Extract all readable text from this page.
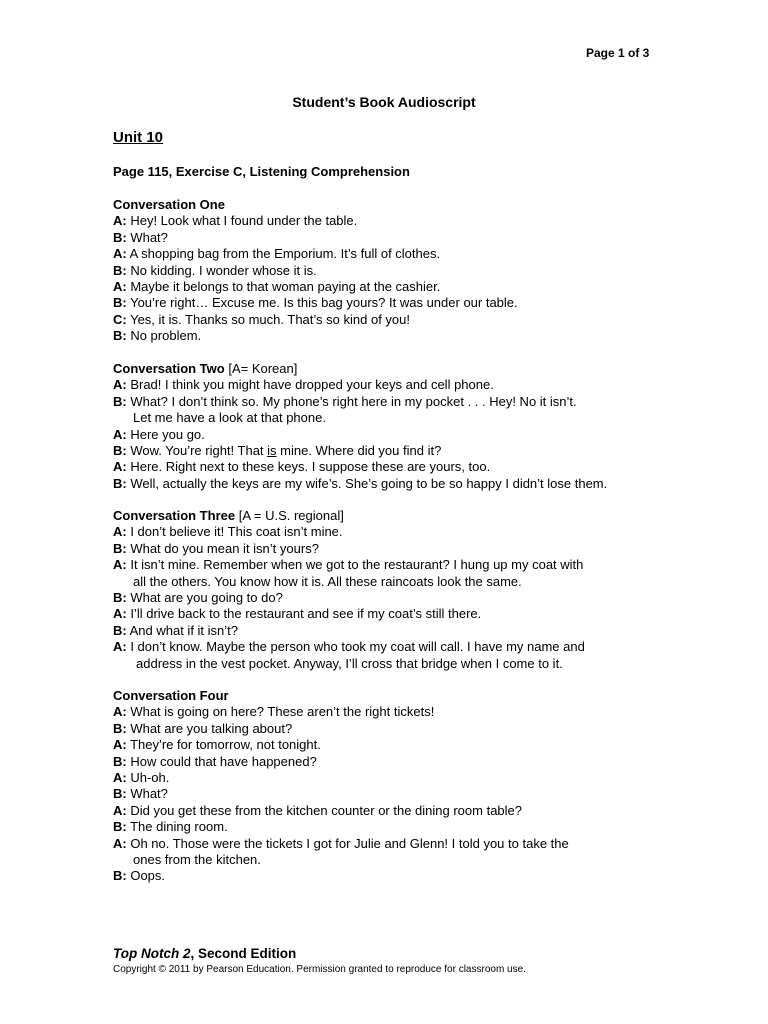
Page 1 of 3
Student’s Book Audioscript
Unit 10
Page 115, Exercise C, Listening Comprehension

Conversation One

A: Hey! Look what I found under the table.

B: What?

A: A shopping bag from the Emporium. It’s full of clothes.

B: No kidding. I wonder whose it is.

A: Maybe it belongs to that woman paying at the cashier.

B: You’re right… Excuse me. Is this bag yours? It was under our table.

C: Yes, it is. Thanks so much. That’s so kind of you!

B: No problem.

Conversation Two [A= Korean]

A: Brad! I think you might have dropped your keys and cell phone.

B: What? I don’t think so. My phone’s right here in my pocket . . . Hey! No it isn’t.

Let me have a look at that phone.

A: Here you go.

B: Wow. You’re right! That is mine. Where did you find it?

A: Here. Right next to these keys. I suppose these are yours, too.

B: Well, actually the keys are my wife’s. She’s going to be so happy I didn’t lose them.

Conversation Three [A = U.S. regional]

A: I don’t believe it! This coat isn’t mine.

B: What do you mean it isn’t yours?

A: It isn’t mine. Remember when we got to the restaurant? I hung up my coat with

all the others. You know how it is. All these raincoats look the same.

B: What are you going to do?

A: I’ll drive back to the restaurant and see if my coat’s still there.

B: And what if it isn’t?

A: I don’t know. Maybe the person who took my coat will call. I have my name and

address in the vest pocket. Anyway, I’ll cross that bridge when I come to it.

Conversation Four

A: What is going on here? These aren’t the right tickets!

B: What are you talking about?

A: They’re for tomorrow, not tonight.

B: How could that have happened?

A: Uh-oh.

B: What?

A: Did you get these from the kitchen counter or the dining room table?

B: The dining room.

A: Oh no. Those were the tickets I got for Julie and Glenn! I told you to take the

ones from the kitchen.

B: Oops.

Top Notch 2, Second Edition
Copyright © 2011 by Pearson Education. Permission granted to reproduce for classroom use.
